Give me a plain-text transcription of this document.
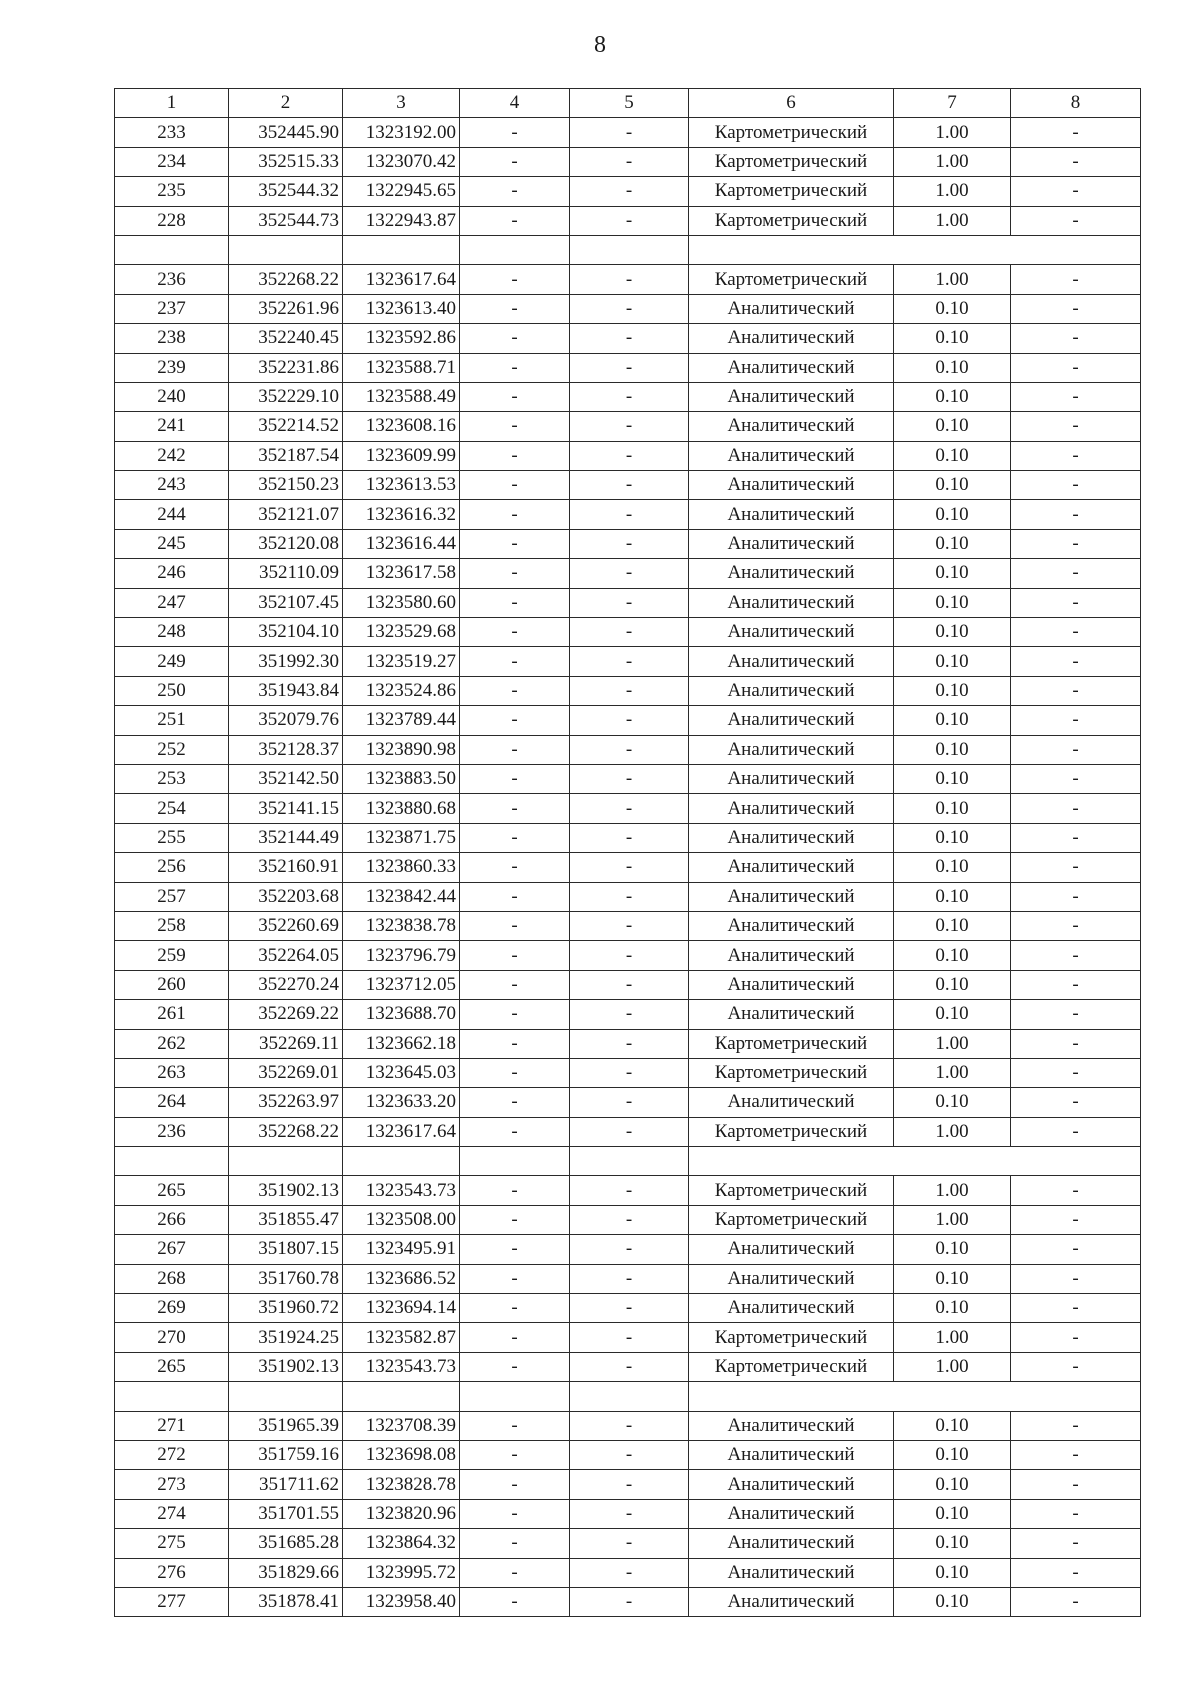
8
1	2	3	4	5	6	7	8
233	352445.90	1323192.00	-	-	Картометрический	1.00	-
234	352515.33	1323070.42	-	-	Картометрический	1.00	-
235	352544.32	1322945.65	-	-	Картометрический	1.00	-
228	352544.73	1322943.87	-	-	Картометрический	1.00	-

236	352268.22	1323617.64	-	-	Картометрический	1.00	-
237	352261.96	1323613.40	-	-	Аналитический	0.10	-
238	352240.45	1323592.86	-	-	Аналитический	0.10	-
239	352231.86	1323588.71	-	-	Аналитический	0.10	-
240	352229.10	1323588.49	-	-	Аналитический	0.10	-
241	352214.52	1323608.16	-	-	Аналитический	0.10	-
242	352187.54	1323609.99	-	-	Аналитический	0.10	-
243	352150.23	1323613.53	-	-	Аналитический	0.10	-
244	352121.07	1323616.32	-	-	Аналитический	0.10	-
245	352120.08	1323616.44	-	-	Аналитический	0.10	-
246	352110.09	1323617.58	-	-	Аналитический	0.10	-
247	352107.45	1323580.60	-	-	Аналитический	0.10	-
248	352104.10	1323529.68	-	-	Аналитический	0.10	-
249	351992.30	1323519.27	-	-	Аналитический	0.10	-
250	351943.84	1323524.86	-	-	Аналитический	0.10	-
251	352079.76	1323789.44	-	-	Аналитический	0.10	-
252	352128.37	1323890.98	-	-	Аналитический	0.10	-
253	352142.50	1323883.50	-	-	Аналитический	0.10	-
254	352141.15	1323880.68	-	-	Аналитический	0.10	-
255	352144.49	1323871.75	-	-	Аналитический	0.10	-
256	352160.91	1323860.33	-	-	Аналитический	0.10	-
257	352203.68	1323842.44	-	-	Аналитический	0.10	-
258	352260.69	1323838.78	-	-	Аналитический	0.10	-
259	352264.05	1323796.79	-	-	Аналитический	0.10	-
260	352270.24	1323712.05	-	-	Аналитический	0.10	-
261	352269.22	1323688.70	-	-	Аналитический	0.10	-
262	352269.11	1323662.18	-	-	Картометрический	1.00	-
263	352269.01	1323645.03	-	-	Картометрический	1.00	-
264	352263.97	1323633.20	-	-	Аналитический	0.10	-
236	352268.22	1323617.64	-	-	Картометрический	1.00	-

265	351902.13	1323543.73	-	-	Картометрический	1.00	-
266	351855.47	1323508.00	-	-	Картометрический	1.00	-
267	351807.15	1323495.91	-	-	Аналитический	0.10	-
268	351760.78	1323686.52	-	-	Аналитический	0.10	-
269	351960.72	1323694.14	-	-	Аналитический	0.10	-
270	351924.25	1323582.87	-	-	Картометрический	1.00	-
265	351902.13	1323543.73	-	-	Картометрический	1.00	-

271	351965.39	1323708.39	-	-	Аналитический	0.10	-
272	351759.16	1323698.08	-	-	Аналитический	0.10	-
273	351711.62	1323828.78	-	-	Аналитический	0.10	-
274	351701.55	1323820.96	-	-	Аналитический	0.10	-
275	351685.28	1323864.32	-	-	Аналитический	0.10	-
276	351829.66	1323995.72	-	-	Аналитический	0.10	-
277	351878.41	1323958.40	-	-	Аналитический	0.10	-
